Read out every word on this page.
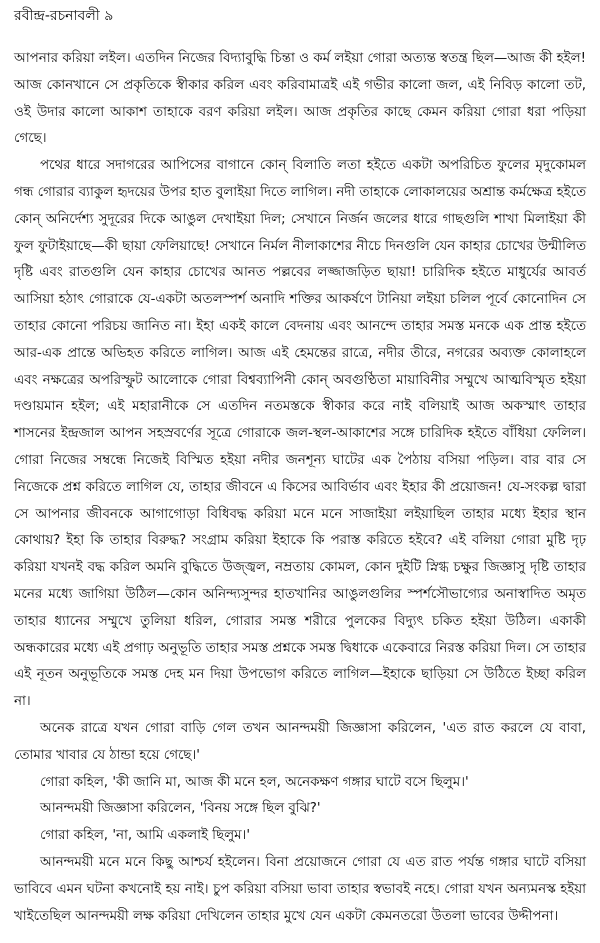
রবীন্দ্র-রচনাবলী ৯

আপনার করিয়া লইল। এতদিন নিজের বিদ্যাবুদ্ধি চিন্তা ও কর্ম লইয়া গোরা অত্যন্ত স্বতন্ত্র ছিল—আজ কী হইল! আজ কোনখানে সে প্রকৃতিকে স্বীকার করিল এবং করিবামাত্রই এই গভীর কালো জল, এই নিবিড় কালো তট, ওই উদার কালো আকাশ তাহাকে বরণ করিয়া লইল। আজ প্রকৃতির কাছে কেমন করিয়া গোরা ধরা পড়িয়া গেছে।

পথের ধারে সদাগরের আপিসের বাগানে কোন্‌ বিলাতি লতা হইতে একটা অপরিচিত ফুলের মৃদুকোমল গন্ধ গোরার ব্যাকুল হৃদয়ের উপর হাত বুলাইয়া দিতে লাগিল। নদী তাহাকে লোকালয়ের অশ্রান্ত কর্মক্ষেত্র হইতে কোন্‌ অনির্দেশ্য সুদূরের দিকে আঙুল দেখাইয়া দিল; সেখানে নির্জন জলের ধারে গাছগুলি শাখা মিলাইয়া কী ফুল ফুটাইয়াছে—কী ছায়া ফেলিয়াছে! সেখানে নির্মল নীলাকাশের নীচে দিনগুলি যেন কাহার চোখের উন্মীলিত দৃষ্টি এবং রাতগুলি যেন কাহার চোখের আনত পল্লবের লজ্জাজড়িত ছায়া! চারিদিক হইতে মাধুর্যের আবর্ত আসিয়া হঠাৎ গোরাকে যে-একটা অতলস্পর্শ অনাদি শক্তির আকর্ষণে টানিয়া লইয়া চলিল পূর্বে কোনোদিন সে তাহার কোনো পরিচয় জানিত না। ইহা একই কালে বেদনায় এবং আনন্দে তাহার সমস্ত মনকে এক প্রান্ত হইতে আর-এক প্রান্তে অভিহত করিতে লাগিল। আজ এই হেমন্তের রাত্রে, নদীর তীরে, নগরের অব্যক্ত কোলাহলে এবং নক্ষত্রের অপরিস্ফুট আলোকে গোরা বিশ্বব্যাপিনী কোন্‌ অবগুণ্ঠিতা মায়াবিনীর সম্মুখে আত্মবিস্মৃত হইয়া দণ্ডায়মান হইল; এই মহারানীকে সে এতদিন নতমস্তকে স্বীকার করে নাই বলিয়াই আজ অকস্মাৎ তাহার শাসনের ইন্দ্রজাল আপন সহস্রবর্ণের সূত্রে গোরাকে জল-স্থল-আকাশের সঙ্গে চারিদিক হইতে বাঁধিয়া ফেলিল। গোরা নিজের সম্বন্ধে নিজেই বিস্মিত হইয়া নদীর জনশূন্য ঘাটের এক পৈঠায় বসিয়া পড়িল। বার বার সে নিজেকে প্রশ্ন করিতে লাগিল যে, তাহার জীবনে এ কিসের আবির্ভাব এবং ইহার কী প্রয়োজন! যে-সংকল্প দ্বারা সে আপনার জীবনকে আগাগোড়া বিধিবদ্ধ করিয়া মনে মনে সাজাইয়া লইয়াছিল তাহার মধ্যে ইহার স্থান কোথায়? ইহা কি তাহার বিরুদ্ধ? সংগ্রাম করিয়া ইহাকে কি পরাস্ত করিতে হইবে? এই বলিয়া গোরা মুষ্টি দৃঢ় করিয়া যখনই বদ্ধ করিল অমনি বুদ্ধিতে উজ্জ্বল, নম্রতায় কোমল, কোন দুইটি স্নিগ্ধ চক্ষুর জিজ্ঞাসু দৃষ্টি তাহার মনের মধ্যে জাগিয়া উঠিল—কোন অনিন্দ্যসুন্দর হাতখানির আঙুলগুলির স্পর্শসৌভাগ্যের অনাস্বাদিত অমৃত তাহার ধ্যানের সম্মুখে তুলিয়া ধরিল, গোরার সমস্ত শরীরে পুলকের বিদ্যুৎ চকিত হইয়া উঠিল। একাকী অন্ধকারের মধ্যে এই প্রগাঢ় অনুভূতি তাহার সমস্ত প্রশ্নকে সমস্ত দ্বিধাকে একেবারে নিরস্ত করিয়া দিল। সে তাহার এই নূতন অনুভূতিকে সমস্ত দেহ মন দিয়া উপভোগ করিতে লাগিল—ইহাকে ছাড়িয়া সে উঠিতে ইচ্ছা করিল না।

অনেক রাত্রে যখন গোরা বাড়ি গেল তখন আনন্দময়ী জিজ্ঞাসা করিলেন, 'এত রাত করলে যে বাবা, তোমার খাবার যে ঠান্ডা হয়ে গেছে।'

গোরা কহিল, 'কী জানি মা, আজ কী মনে হল, অনেকক্ষণ গঙ্গার ঘাটে বসে ছিলুম।'

আনন্দময়ী জিজ্ঞাসা করিলেন, 'বিনয় সঙ্গে ছিল বুঝি?'

গোরা কহিল, 'না, আমি একলাই ছিলুম।'

আনন্দময়ী মনে মনে কিছু আশ্চর্য হইলেন। বিনা প্রয়োজনে গোরা যে এত রাত পর্যন্ত গঙ্গার ঘাটে বসিয়া ভাবিবে এমন ঘটনা কখনোই হয় নাই। চুপ করিয়া বসিয়া ভাবা তাহার স্বভাবই নহে। গোরা যখন অন্যমনস্ক হইয়া খাইতেছিল আনন্দময়ী লক্ষ করিয়া দেখিলেন তাহার মুখে যেন একটা কেমনতরো উতলা ভাবের উদ্দীপনা।
